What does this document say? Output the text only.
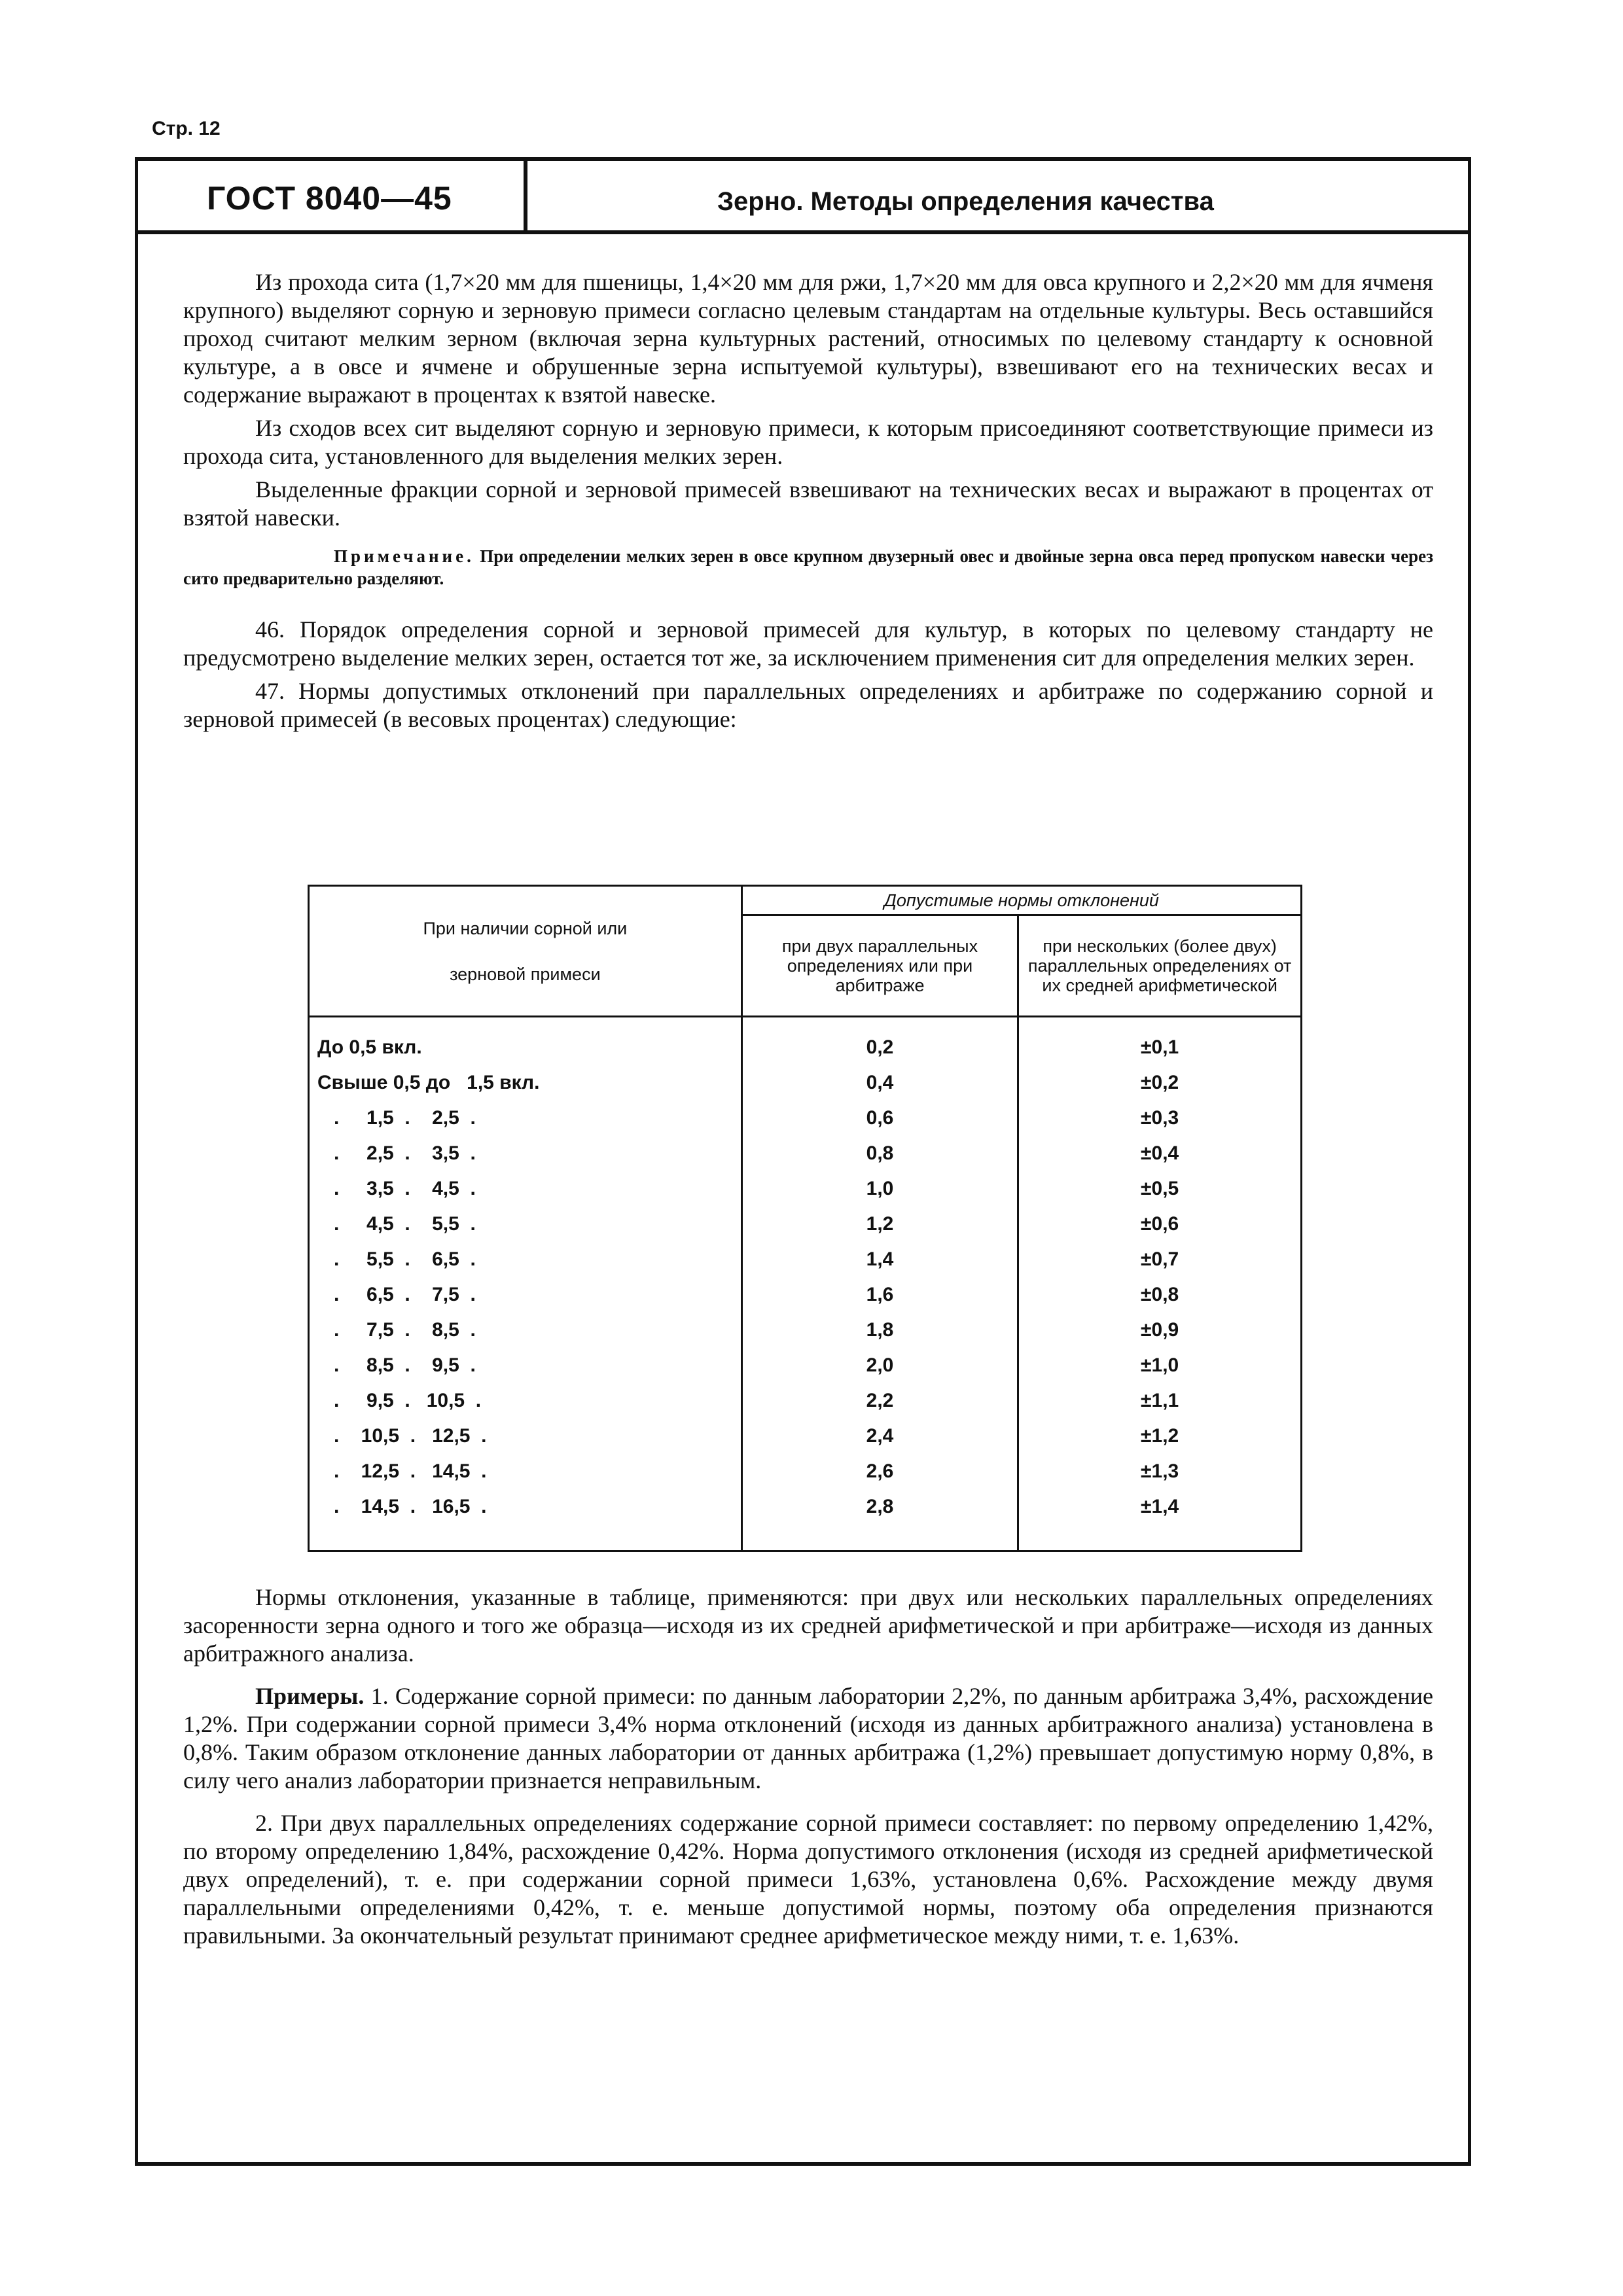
Стр. 12
ГОСТ 8040—45	Зерно. Методы определения качества

Из прохода сита (1,7×20 мм для пшеницы, 1,4×20 мм для ржи, 1,7×20 мм для овса крупного и 2,2×20 мм для ячменя крупного) выделяют сорную и зерновую примеси согласно целевым стандартам на отдельные культуры. Весь оставшийся проход считают мелким зерном (включая зерна культурных растений, относимых по целевому стандарту к основной культуре, а в овсе и ячмене и обрушенные зерна испытуемой культуры), взвешивают его на технических весах и содержание выражают в процентах к взятой навеске.

Из сходов всех сит выделяют сорную и зерновую примеси, к которым присоединяют соответствующие примеси из прохода сита, установленного для выделения мелких зерен.

Выделенные фракции сорной и зерновой примесей взвешивают на технических весах и выражают в процентах от взятой навески.

Примечание. При определении мелких зерен в овсе крупном двузерный овес и двойные зерна овса перед пропуском навески через сито предварительно разделяют.

46. Порядок определения сорной и зерновой примесей для культур, в которых по целевому стандарту не предусмотрено выделение мелких зерен, остается тот же, за исключением применения сит для определения мелких зерен.

47. Нормы допустимых отклонений при параллельных определениях и арбитраже по содержанию сорной и зерновой примесей (в весовых процентах) следующие:

При наличии сорной или
зерновой примеси	Допустимые нормы отклонений	
	при двух параллельных определениях или при арбитраже	при нескольких (более двух) параллельных определениях от их средней арифметической
До 0,5 вкл.	0,2	±0,1
Свыше 0,5 до   1,5 вкл.	0,4	±0,2
.     1,5  .    2,5  .	0,6	±0,3
.     2,5  .    3,5  .	0,8	±0,4
.     3,5  .    4,5  .	1,0	±0,5
.     4,5  .    5,5  .	1,2	±0,6
.     5,5  .    6,5  .	1,4	±0,7
.     6,5  .    7,5  .	1,6	±0,8
.     7,5  .    8,5  .	1,8	±0,9
.     8,5  .    9,5  .	2,0	±1,0
.     9,5  .   10,5  .	2,2	±1,1
.    10,5  .   12,5  .	2,4	±1,2
.    12,5  .   14,5  .	2,6	±1,3
.    14,5  .   16,5  .	2,8	±1,4

Нормы отклонения, указанные в таблице, применяются: при двух или нескольких параллельных определениях засоренности зерна одного и того же образца—исходя из их средней арифметической и при арбитраже—исходя из данных арбитражного анализа.

Примеры. 1. Содержание сорной примеси: по данным лаборатории 2,2%, по данным арбитража 3,4%, расхождение 1,2%. При содержании сорной примеси 3,4% норма отклонений (исходя из данных арбитражного анализа) установлена в 0,8%. Таким образом отклонение данных лаборатории от данных арбитража (1,2%) превышает допустимую норму 0,8%, в силу чего анализ лаборатории признается неправильным.

2. При двух параллельных определениях содержание сорной примеси составляет: по первому определению 1,42%, по второму определению 1,84%, расхождение 0,42%. Норма допустимого отклонения (исходя из средней арифметической двух определений), т. е. при содержании сорной примеси 1,63%, установлена 0,6%. Расхождение между двумя параллельными определениями 0,42%, т. е. меньше допустимой нормы, поэтому оба определения признаются правильными. За окончательный результат принимают среднее арифметическое между ними, т. е. 1,63%.
